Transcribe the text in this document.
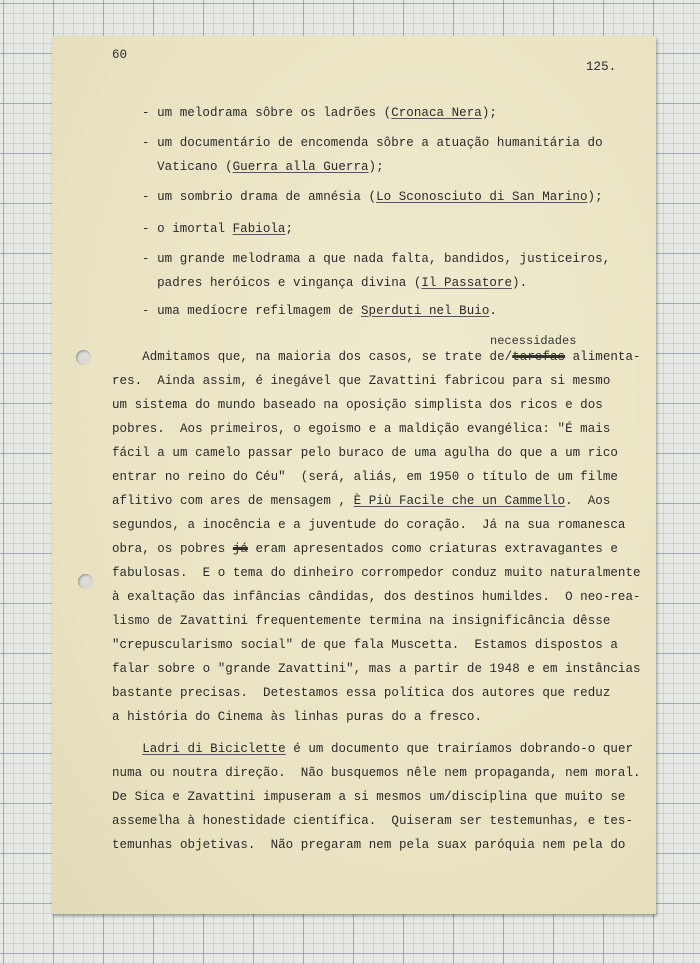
60
125.
- um melodrama sôbre os ladrões (Cronaca Nera);
- um documentário de encomenda sôbre a atuação humanitária do
Vaticano (Guerra alla Guerra);
- um sombrio drama de amnésia (Lo Sconosciuto di San Marino);
- o imortal Fabiola;
- um grande melodrama a que nada falta, bandidos, justiceiros,
padres heróicos e vingança divina (Il Passatore).
- uma medíocre refilmagem de Sperduti nel Buio.
necessidades
Admitamos que, na maioria dos casos, se trate de/tarefas alimenta-
res.  Ainda assim, é inegável que Zavattini fabricou para si mesmo
um sistema do mundo baseado na oposição simplista dos ricos e dos
pobres.  Aos primeiros, o egoismo e a maldição evangélica: "É mais
fácil a um camelo passar pelo buraco de uma agulha do que a um rico
entrar no reino do Céu"  (será, aliás, em 1950 o título de um filme
aflitivo com ares de mensagem , È Più Facile che un Cammello.  Aos
segundos, a inocência e a juventude do coração.  Já na sua romanesca
obra, os pobres já eram apresentados como criaturas extravagantes e
fabulosas.  E o tema do dinheiro corrompedor conduz muito naturalmente
à exaltação das infâncias cândidas, dos destinos humildes.  O neo-rea-
lismo de Zavattini frequentemente termina na insignificância dêsse
"crepuscularismo social" de que fala Muscetta.  Estamos dispostos a
falar sobre o "grande Zavattini", mas a partir de 1948 e em instâncias
bastante precisas.  Detestamos essa política dos autores que reduz
a história do Cinema às linhas puras do a fresco.
Ladri di Biciclette é um documento que trairíamos dobrando-o quer
numa ou noutra direção.  Não busquemos nêle nem propaganda, nem moral.
De Sica e Zavattini impuseram a si mesmos um/disciplina que muito se
assemelha à honestidade científica.  Quiseram ser testemunhas, e tes-
temunhas objetivas.  Não pregaram nem pela suax paróquia nem pela do
